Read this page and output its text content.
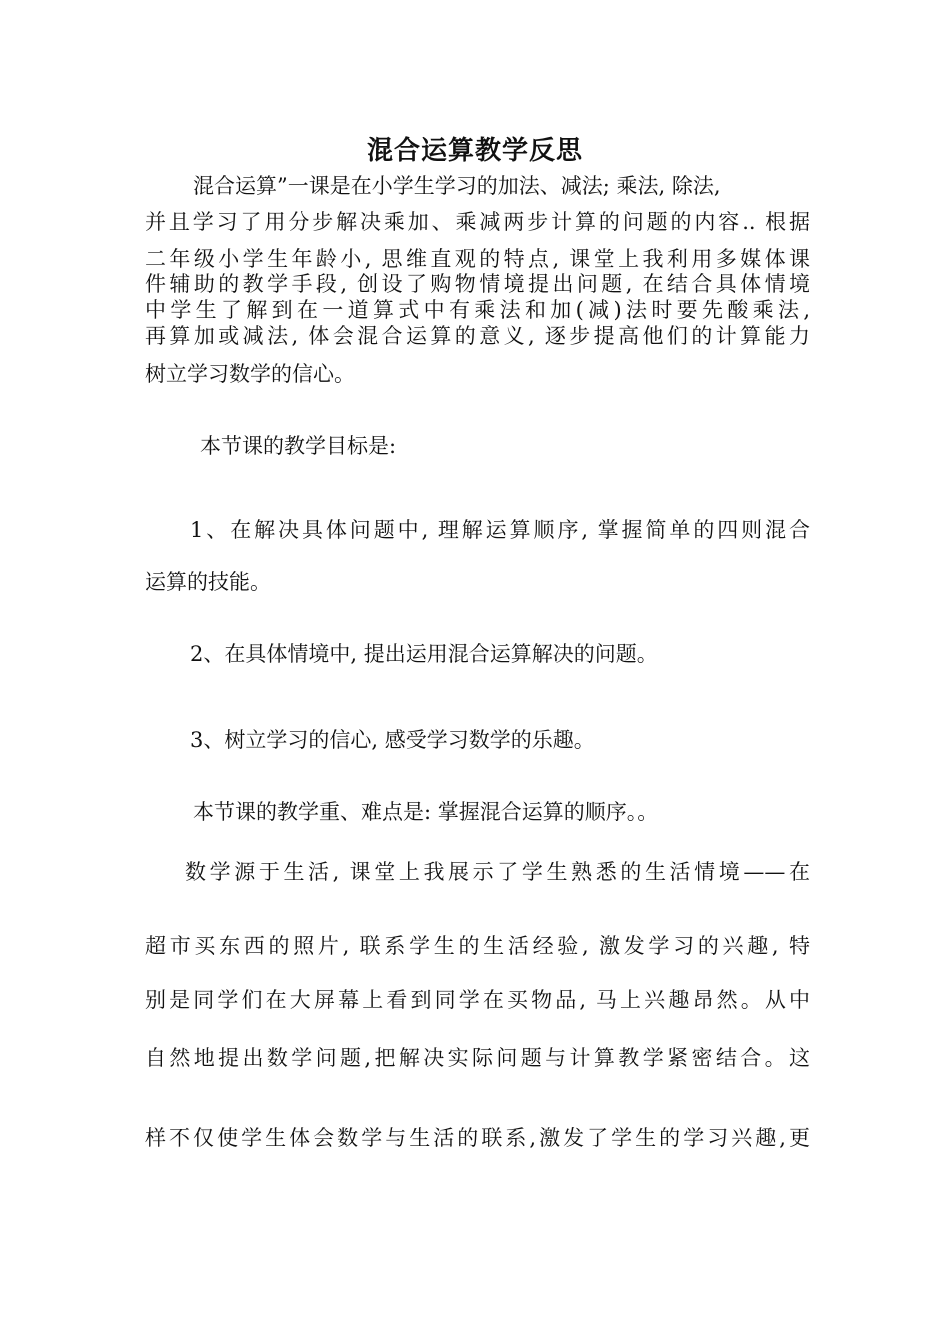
混合运算教学反思
混合运算”一课是在小学生学习的加法、减法; 乘法, 除法,
并且学习了用分步解决乘加、乘减两步计算的问题的内容.. 根据
二年级小学生年龄小, 思维直观的特点, 课堂上我利用多媒体课
件辅助的教学手段, 创设了购物情境提出问题, 在结合具体情境
中学生了解到在一道算式中有乘法和加(减)法时要先酸乘法,
再算加或减法, 体会混合运算的意义, 逐步提高他们的计算能力
树立学习数学的信心。
本节课的教学目标是:
1、在解决具体问题中, 理解运算顺序, 掌握简单的四则混合
运算的技能。
2、在具体情境中, 提出运用混合运算解决的问题。
3、树立学习的信心, 感受学习数学的乐趣。
本节课的教学重、难点是: 掌握混合运算的顺序。。
数学源于生活, 课堂上我展示了学生熟悉的生活情境——在
超市买东西的照片, 联系学生的生活经验, 激发学习的兴趣, 特
别是同学们在大屏幕上看到同学在买物品, 马上兴趣昂然。从中
自然地提出数学问题,把解决实际问题与计算教学紧密结合。这
样不仅使学生体会数学与生活的联系,激发了学生的学习兴趣,更
